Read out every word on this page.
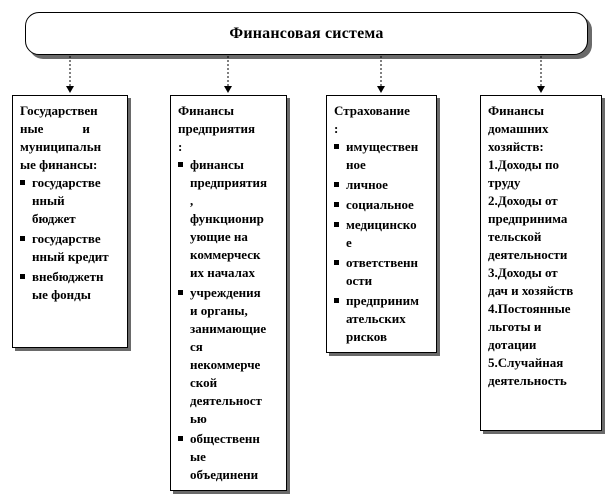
Финансовая система
Государствен
ные            и
муниципальн
ые финансы:
государстве
нный
бюджет
государстве
нный кредит
внебюджетн
ые фонды
Финансы
предприятия
:
финансы
предприятия
,
функционир
ующие на
коммерческ
их началах
учреждения
и органы,
занимающие
ся
некоммерче
ской
деятельност
ью
общественн
ые
объединени
Страхование
:
имуществен
ное
личное
социальное
медицинско
е
ответственн
ости
предприним
ательских
рисков
Финансы
домашних
хозяйств:
1.Доходы по
труду
2.Доходы от
предпринима
тельской
деятельности
3.Доходы от
дач и хозяйств
4.Постоянные
льготы и
дотации
5.Случайная
деятельность
